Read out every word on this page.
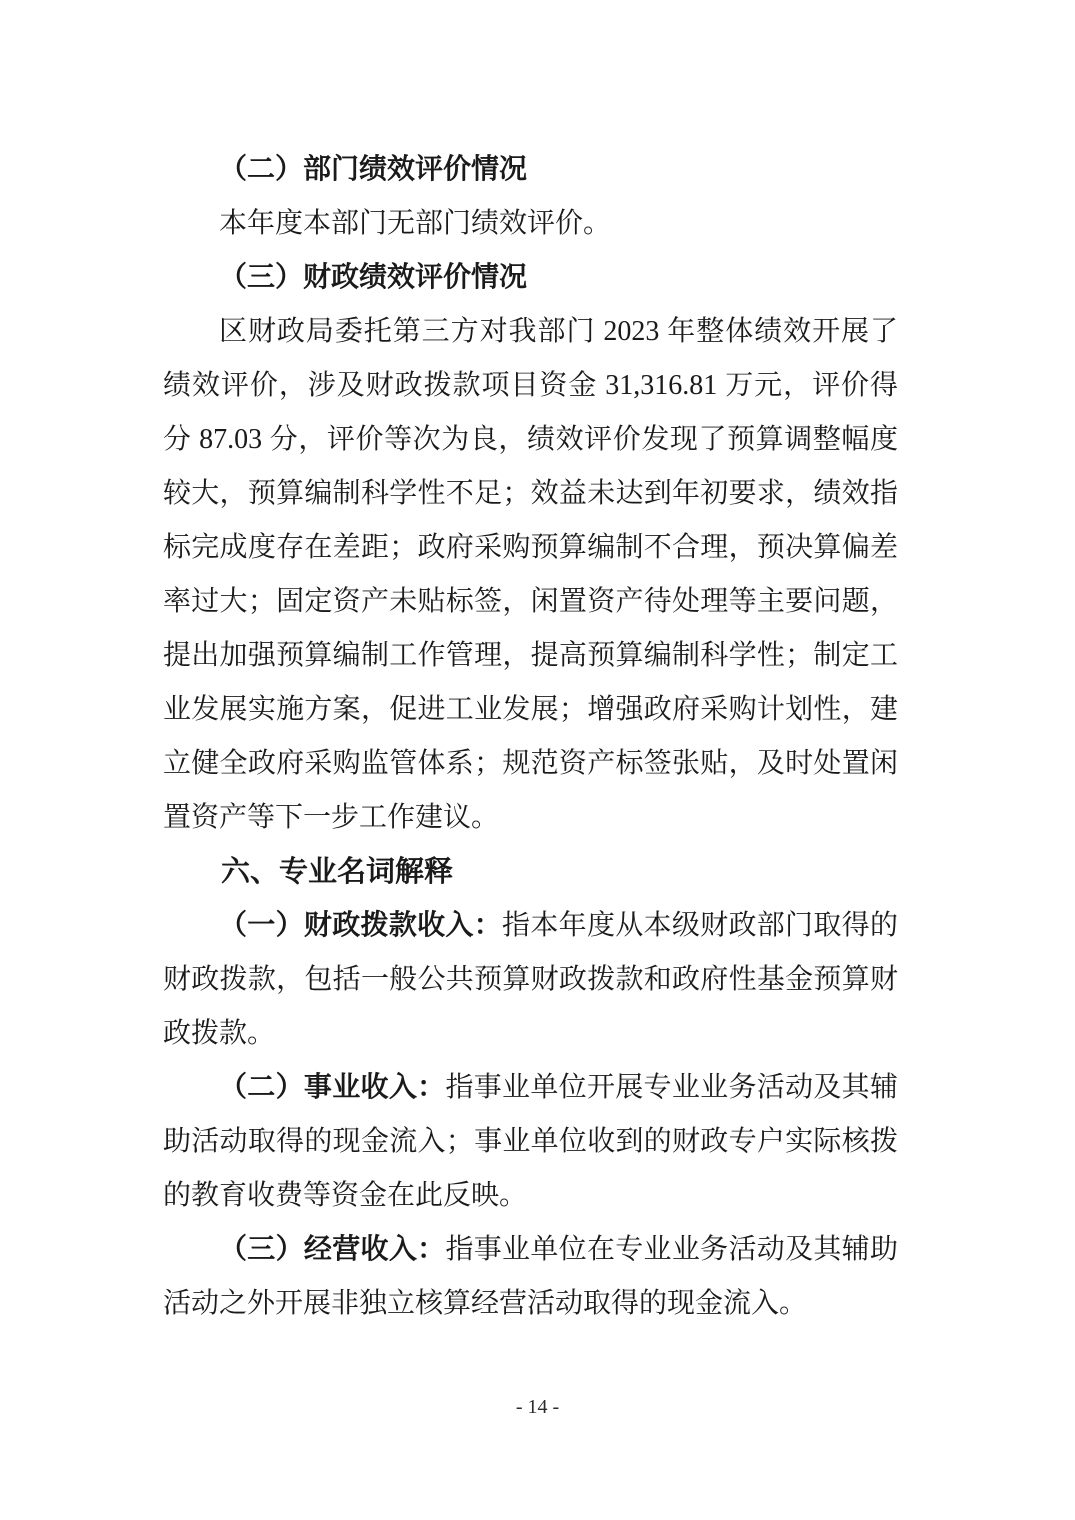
（二）部门绩效评价情况

本年度本部门无部门绩效评价。

（三）财政绩效评价情况

区财政局委托第三方对我部门 2023 年整体绩效开展了绩效评价，涉及财政拨款项目资金 31,316.81 万元，评价得分 87.03 分，评价等次为良，绩效评价发现了预算调整幅度较大，预算编制科学性不足；效益未达到年初要求，绩效指标完成度存在差距；政府采购预算编制不合理，预决算偏差率过大；固定资产未贴标签，闲置资产待处理等主要问题，提出加强预算编制工作管理，提高预算编制科学性；制定工业发展实施方案，促进工业发展；增强政府采购计划性，建立健全政府采购监管体系；规范资产标签张贴，及时处置闲置资产等下一步工作建议。

六、专业名词解释

（一）财政拨款收入：指本年度从本级财政部门取得的财政拨款，包括一般公共预算财政拨款和政府性基金预算财政拨款。

（二）事业收入：指事业单位开展专业业务活动及其辅助活动取得的现金流入；事业单位收到的财政专户实际核拨的教育收费等资金在此反映。

（三）经营收入：指事业单位在专业业务活动及其辅助活动之外开展非独立核算经营活动取得的现金流入。

- 14 -
